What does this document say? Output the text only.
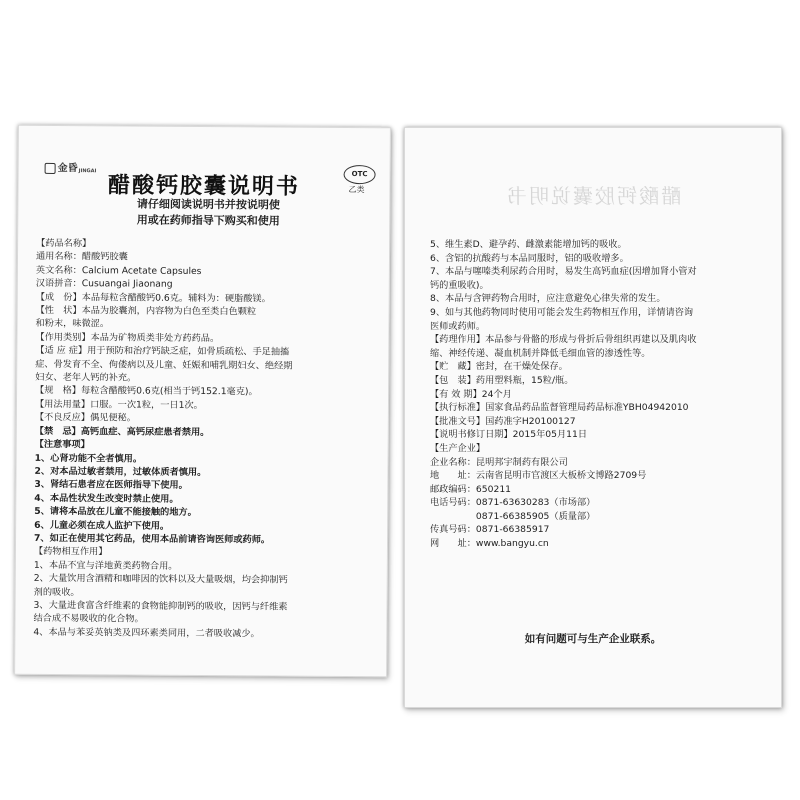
金昏 JINGAI
醋酸钙胶囊说明书	OTC
乙类
请仔细阅读说明书并按说明使
用或在药师指导下购买和使用
【药品名称】
通用名称：醋酸钙胶囊
英文名称：Calcium Acetate Capsules
汉语拼音：Cusuangai Jiaonang
【成　份】本品每粒含醋酸钙0.6克。辅料为：硬脂酸镁。
【性　状】本品为胶囊剂，内容物为白色至类白色颗粒
和粉末，味微涩。
【作用类别】本品为矿物质类非处方药药品。
【适 应 症】用于预防和治疗钙缺乏症，如骨质疏松、手足抽搐
症、骨发育不全、佝偻病以及儿童、妊娠和哺乳期妇女、绝经期
妇女、老年人钙的补充。
【规　格】每粒含醋酸钙0.6克(相当于钙152.1毫克)。
【用法用量】口服。一次1粒，一日1次。
【不良反应】偶见便秘。
【禁　忌】高钙血症、高钙尿症患者禁用。
【注意事项】
1、心肾功能不全者慎用。
2、对本品过敏者禁用，过敏体质者慎用。
3、肾结石患者应在医师指导下使用。
4、本品性状发生改变时禁止使用。
5、请将本品放在儿童不能接触的地方。
6、儿童必须在成人监护下使用。
7、如正在使用其它药品，使用本品前请咨询医师或药师。
【药物相互作用】
1、本品不宜与洋地黄类药物合用。
2、大量饮用含酒精和咖啡因的饮料以及大量吸烟，均会抑制钙
剂的吸收。
3、大量进食富含纤维素的食物能抑制钙的吸收，因钙与纤维素
结合成不易吸收的化合物。
4、本品与苯妥英钠类及四环素类同用，二者吸收减少。
醋酸钙胶囊说明书
5、维生素D、避孕药、雌激素能增加钙的吸收。
6、含铝的抗酸药与本品同服时，铝的吸收增多。
7、本品与噻嗪类利尿药合用时，易发生高钙血症(因增加肾小管对
钙的重吸收)。
8、本品与含钾药物合用时，应注意避免心律失常的发生。
9、如与其他药物同时使用可能会发生药物相互作用，详情请咨询
医师或药师。
【药理作用】本品参与骨骼的形成与骨折后骨组织再建以及肌肉收
缩、神经传递、凝血机制并降低毛细血管的渗透性等。
【贮　藏】密封，在干燥处保存。
【包　装】药用塑料瓶，15粒/瓶。
【有 效 期】24个月
【执行标准】国家食品药品监督管理局药品标准YBH04942010
【批准文号】国药准字H20100127
【说明书修订日期】2015年05月11日
【生产企业】
企业名称：昆明邦宇制药有限公司
地　　址：云南省昆明市官渡区大板桥文博路2709号
邮政编码：650211
电话号码：0871-63630283（市场部）
　　　　　0871-66385905（质量部）
传真号码：0871-66385917
网　　址：www.bangyu.cn
如有问题可与生产企业联系。
